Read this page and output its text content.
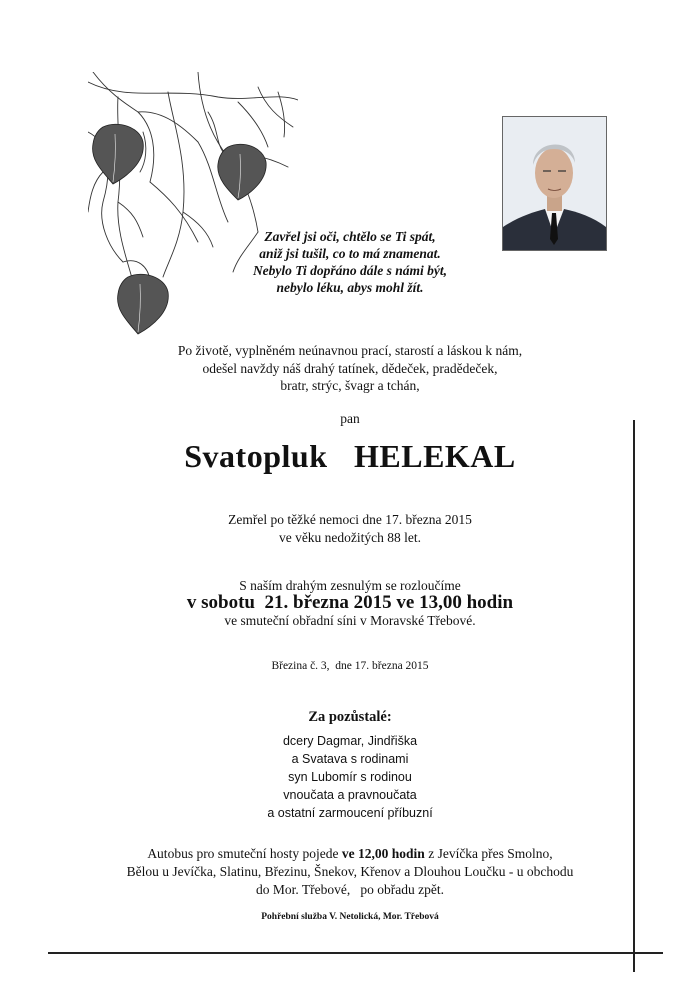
Zavřel jsi oči, chtělo se Ti spát,
aniž jsi tušil, co to má znamenat.
Nebylo Ti dopřáno dále s námi být,
nebylo léku, abys mohl žít.
Po životě, vyplněném neúnavnou prací, starostí a láskou k nám,
odešel navždy náš drahý tatínek, dědeček, pradědeček,
bratr, strýc, švagr a tchán,
pan
Svatopluk HELEKAL
Zemřel po těžké nemoci dne 17. března 2015
ve věku nedožitých 88 let.
S naším drahým zesnulým se rozloučíme
v sobotu  21. března 2015 ve 13,00 hodin
ve smuteční obřadní síni v Moravské Třebové.
Březina č. 3,  dne 17. března 2015
Za pozůstalé:
dcery Dagmar, Jindřiška
a Svatava s rodinami
syn Lubomír s rodinou
vnoučata a pravnoučata
a ostatní zarmoucení příbuzní
Autobus pro smuteční hosty pojede ve 12,00 hodin z Jevíčka přes Smolno,
Bělou u Jevíčka, Slatinu, Březinu, Šnekov, Křenov a Dlouhou Loučku - u obchodu
do Mor. Třebové,   po obřadu zpět.
Pohřební služba V. Netolická, Mor. Třebová
